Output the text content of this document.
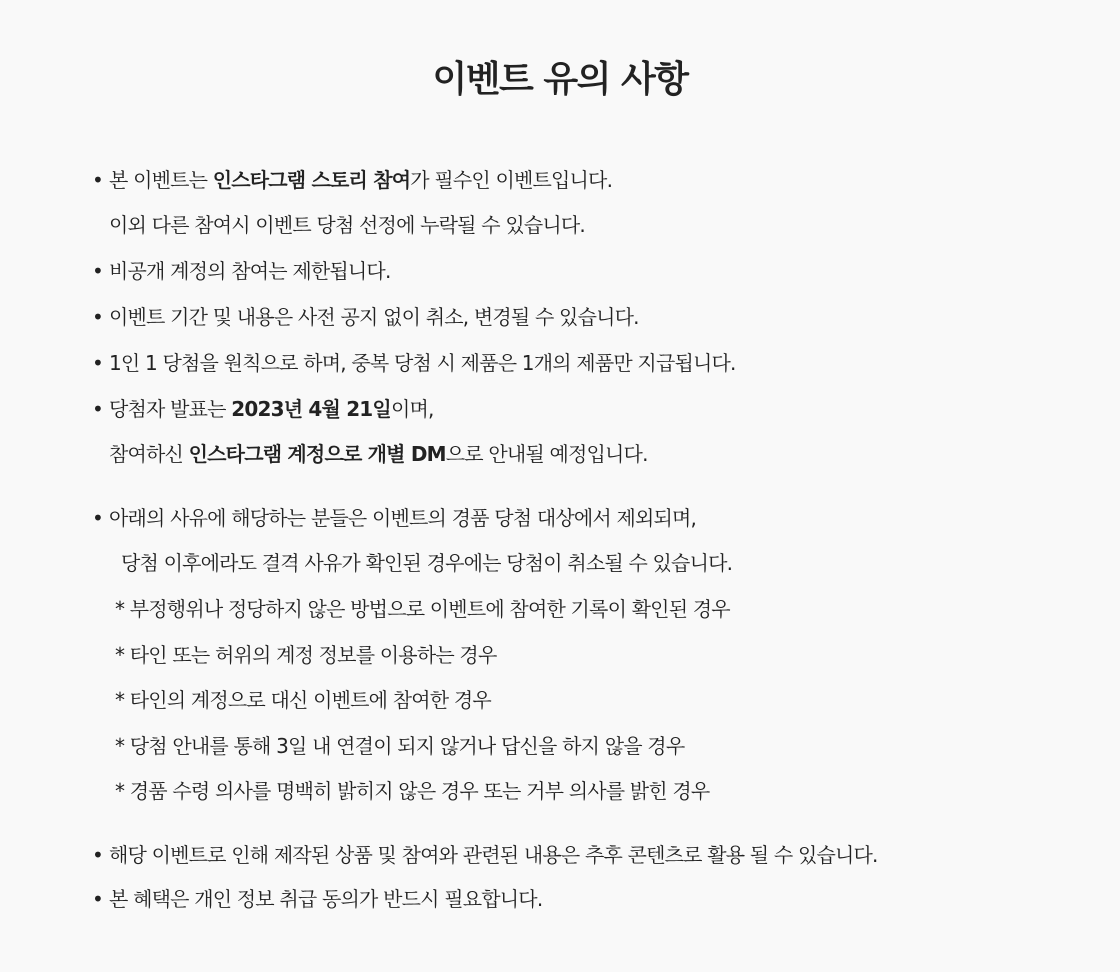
이벤트 유의 사항
• 본 이벤트는 인스타그램 스토리 참여가 필수인 이벤트입니다.
이외 다른 참여시 이벤트 당첨 선정에 누락될 수 있습니다.
• 비공개 계정의 참여는 제한됩니다.
• 이벤트 기간 및 내용은 사전 공지 없이 취소, 변경될 수 있습니다.
• 1인 1 당첨을 원칙으로 하며, 중복 당첨 시 제품은 1개의 제품만 지급됩니다.
• 당첨자 발표는 2023년 4월 21일이며,
참여하신 인스타그램 계정으로 개별 DM으로 안내될 예정입니다.
• 아래의 사유에 해당하는 분들은 이벤트의 경품 당첨 대상에서 제외되며,
당첨 이후에라도 결격 사유가 확인된 경우에는 당첨이 취소될 수 있습니다.
* 부정행위나 정당하지 않은 방법으로 이벤트에 참여한 기록이 확인된 경우
* 타인 또는 허위의 계정 정보를 이용하는 경우
* 타인의 계정으로 대신 이벤트에 참여한 경우
* 당첨 안내를 통해 3일 내 연결이 되지 않거나 답신을 하지 않을 경우
* 경품 수령 의사를 명백히 밝히지 않은 경우 또는 거부 의사를 밝힌 경우
• 해당 이벤트로 인해 제작된 상품 및 참여와 관련된 내용은 추후 콘텐츠로 활용 될 수 있습니다.
• 본 혜택은 개인 정보 취급 동의가 반드시 필요합니다.
